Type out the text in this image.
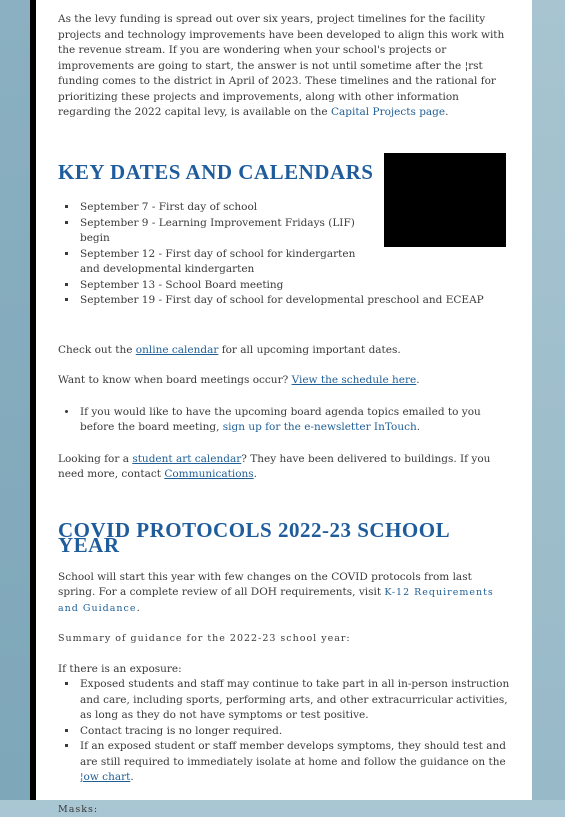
As the levy funding is spread out over six years, project timelines for the facility projects and technology improvements have been developed to align this work with the revenue stream. If you are wondering when your school's projects or improvements are going to start, the answer is not until sometime after the ¦rst funding comes to the district in April of 2023. These timelines and the rational for prioritizing these projects and improvements, along with other information regarding the 2022 capital levy, is available on the Capital Projects page.

KEY DATES AND CALENDARS
▪ September 7 - First day of school
▪ September 9 - Learning Improvement Fridays (LIF) begin
▪ September 12 - First day of school for kindergarten and developmental kindergarten
▪ September 13 - School Board meeting
▪ September 19 - First day of school for developmental preschool and ECEAP

Check out the online calendar for all upcoming important dates.

Want to know when board meetings occur? View the schedule here.

• If you would like to have the upcoming board agenda topics emailed to you before the board meeting, sign up for the e-newsletter InTouch.

Looking for a student art calendar? They have been delivered to buildings. If you need more, contact Communications.

COVID PROTOCOLS 2022-23 SCHOOL YEAR

School will start this year with few changes on the COVID protocols from last spring. For a complete review of all DOH requirements, visit K-12 Requirements and Guidance.

Summary of guidance for the 2022-23 school year:

If there is an exposure:

▪ Exposed students and staff may continue to take part in all in-person instruction and care, including sports, performing arts, and other extracurricular activities, as long as they do not have symptoms or test positive.
▪ Contact tracing is no longer required.
▪ If an exposed student or staff member develops symptoms, they should test and are still required to immediately isolate at home and follow the guidance on the ¦ow chart.

Masks:
